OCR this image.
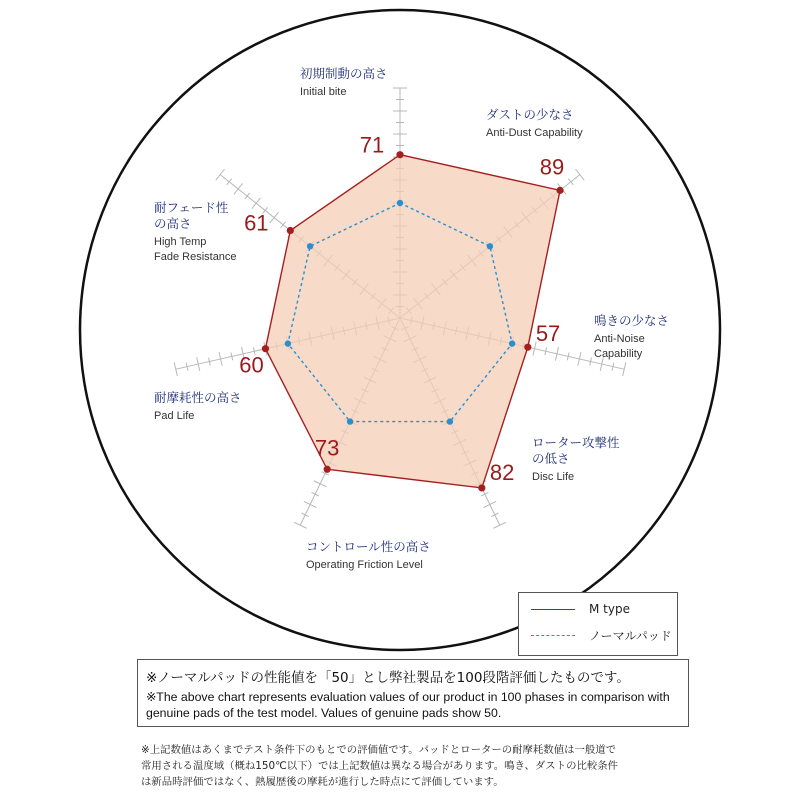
71
89
57
82
73
60
61
初期制動の高さ
Initial bite
ダストの少なさ
Anti-Dust Capability
鳴きの少なさ
Anti-Noise
Capability
ローター攻撃性
の低さ
Disc Life
コントロール性の高さ
Operating Friction Level
耐摩耗性の高さ
Pad Life
耐フェード性
の高さ
High Temp
Fade Resistance
M type
ノーマルパッド
※ノーマルパッドの性能値を「50」とし弊社製品を100段階評価したものです。
※The above chart represents evaluation values of our product in 100 phases in comparison with genuine pads of the test model. Values of genuine pads show 50.
※上記数値はあくまでテスト条件下のもとでの評価値です。パッドとローターの耐摩耗数値は一般道で
常用される温度域（概ね150℃以下）では上記数値は異なる場合があります。鳴き、ダストの比較条件
は新品時評価ではなく、熱履歴後の摩耗が進行した時点にて評価しています。
